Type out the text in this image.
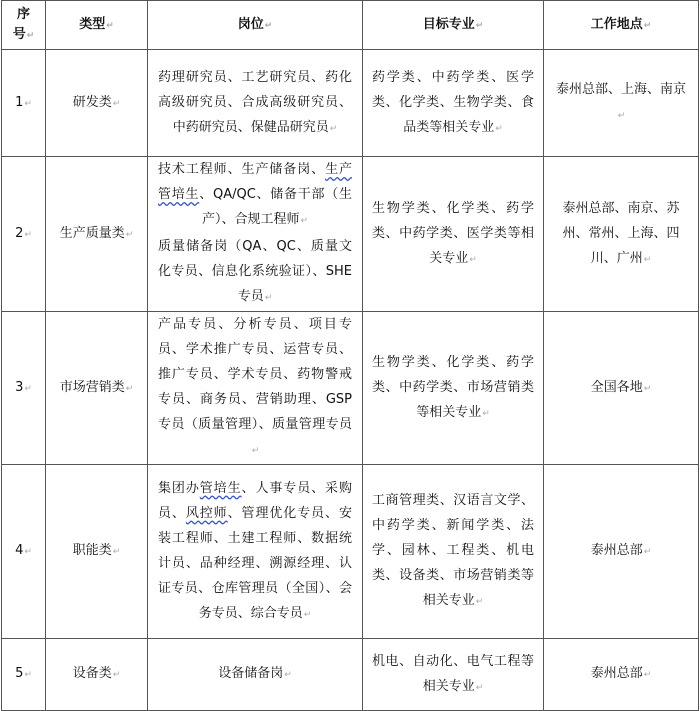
序
号↵	类型↵	岗位↵	目标专业↵	工作地点↵
1↵	研发类↵	药理研究员、工艺研究员、药化高级研究员、合成高级研究员、中药研究员、保健品研究员↵	药学类、中药学类、医学类、化学类、生物学类、食品类等相关专业↵	泰州总部、上海、南京↵
2↵	生产质量类↵	技术工程师、生产储备岗、生产管培生、QA/QC、储备干部（生产）、合规工程师↵
质量储备岗（QA、QC、质量文化专员、信息化系统验证）、SHE 专员↵	生物学类、化学类、药学类、中药学类、医学类等相关专业↵	泰州总部、南京、苏州、常州、上海、四川、广州↵
3↵	市场营销类↵	产品专员、分析专员、项目专员、学术推广专员、运营专员、推广专员、学术专员、药物警戒专员、商务员、营销助理、GSP 专员（质量管理）、质量管理专员↵	生物学类、化学类、药学类、中药学类、市场营销类等相关专业↵	全国各地↵
4↵	职能类↵	集团办管培生、人事专员、采购员、风控师、管理优化专员、安装工程师、土建工程师、数据统计员、品种经理、溯源经理、认证专员、仓库管理员（全国）、会务专员、综合专员↵	工商管理类、汉语言文学、中药学类、新闻学类、法学、园林、工程类、机电类、设备类、市场营销类等相关专业↵	泰州总部↵
5↵	设备类↵	设备储备岗↵	机电、自动化、电气工程等相关专业↵	泰州总部↵
